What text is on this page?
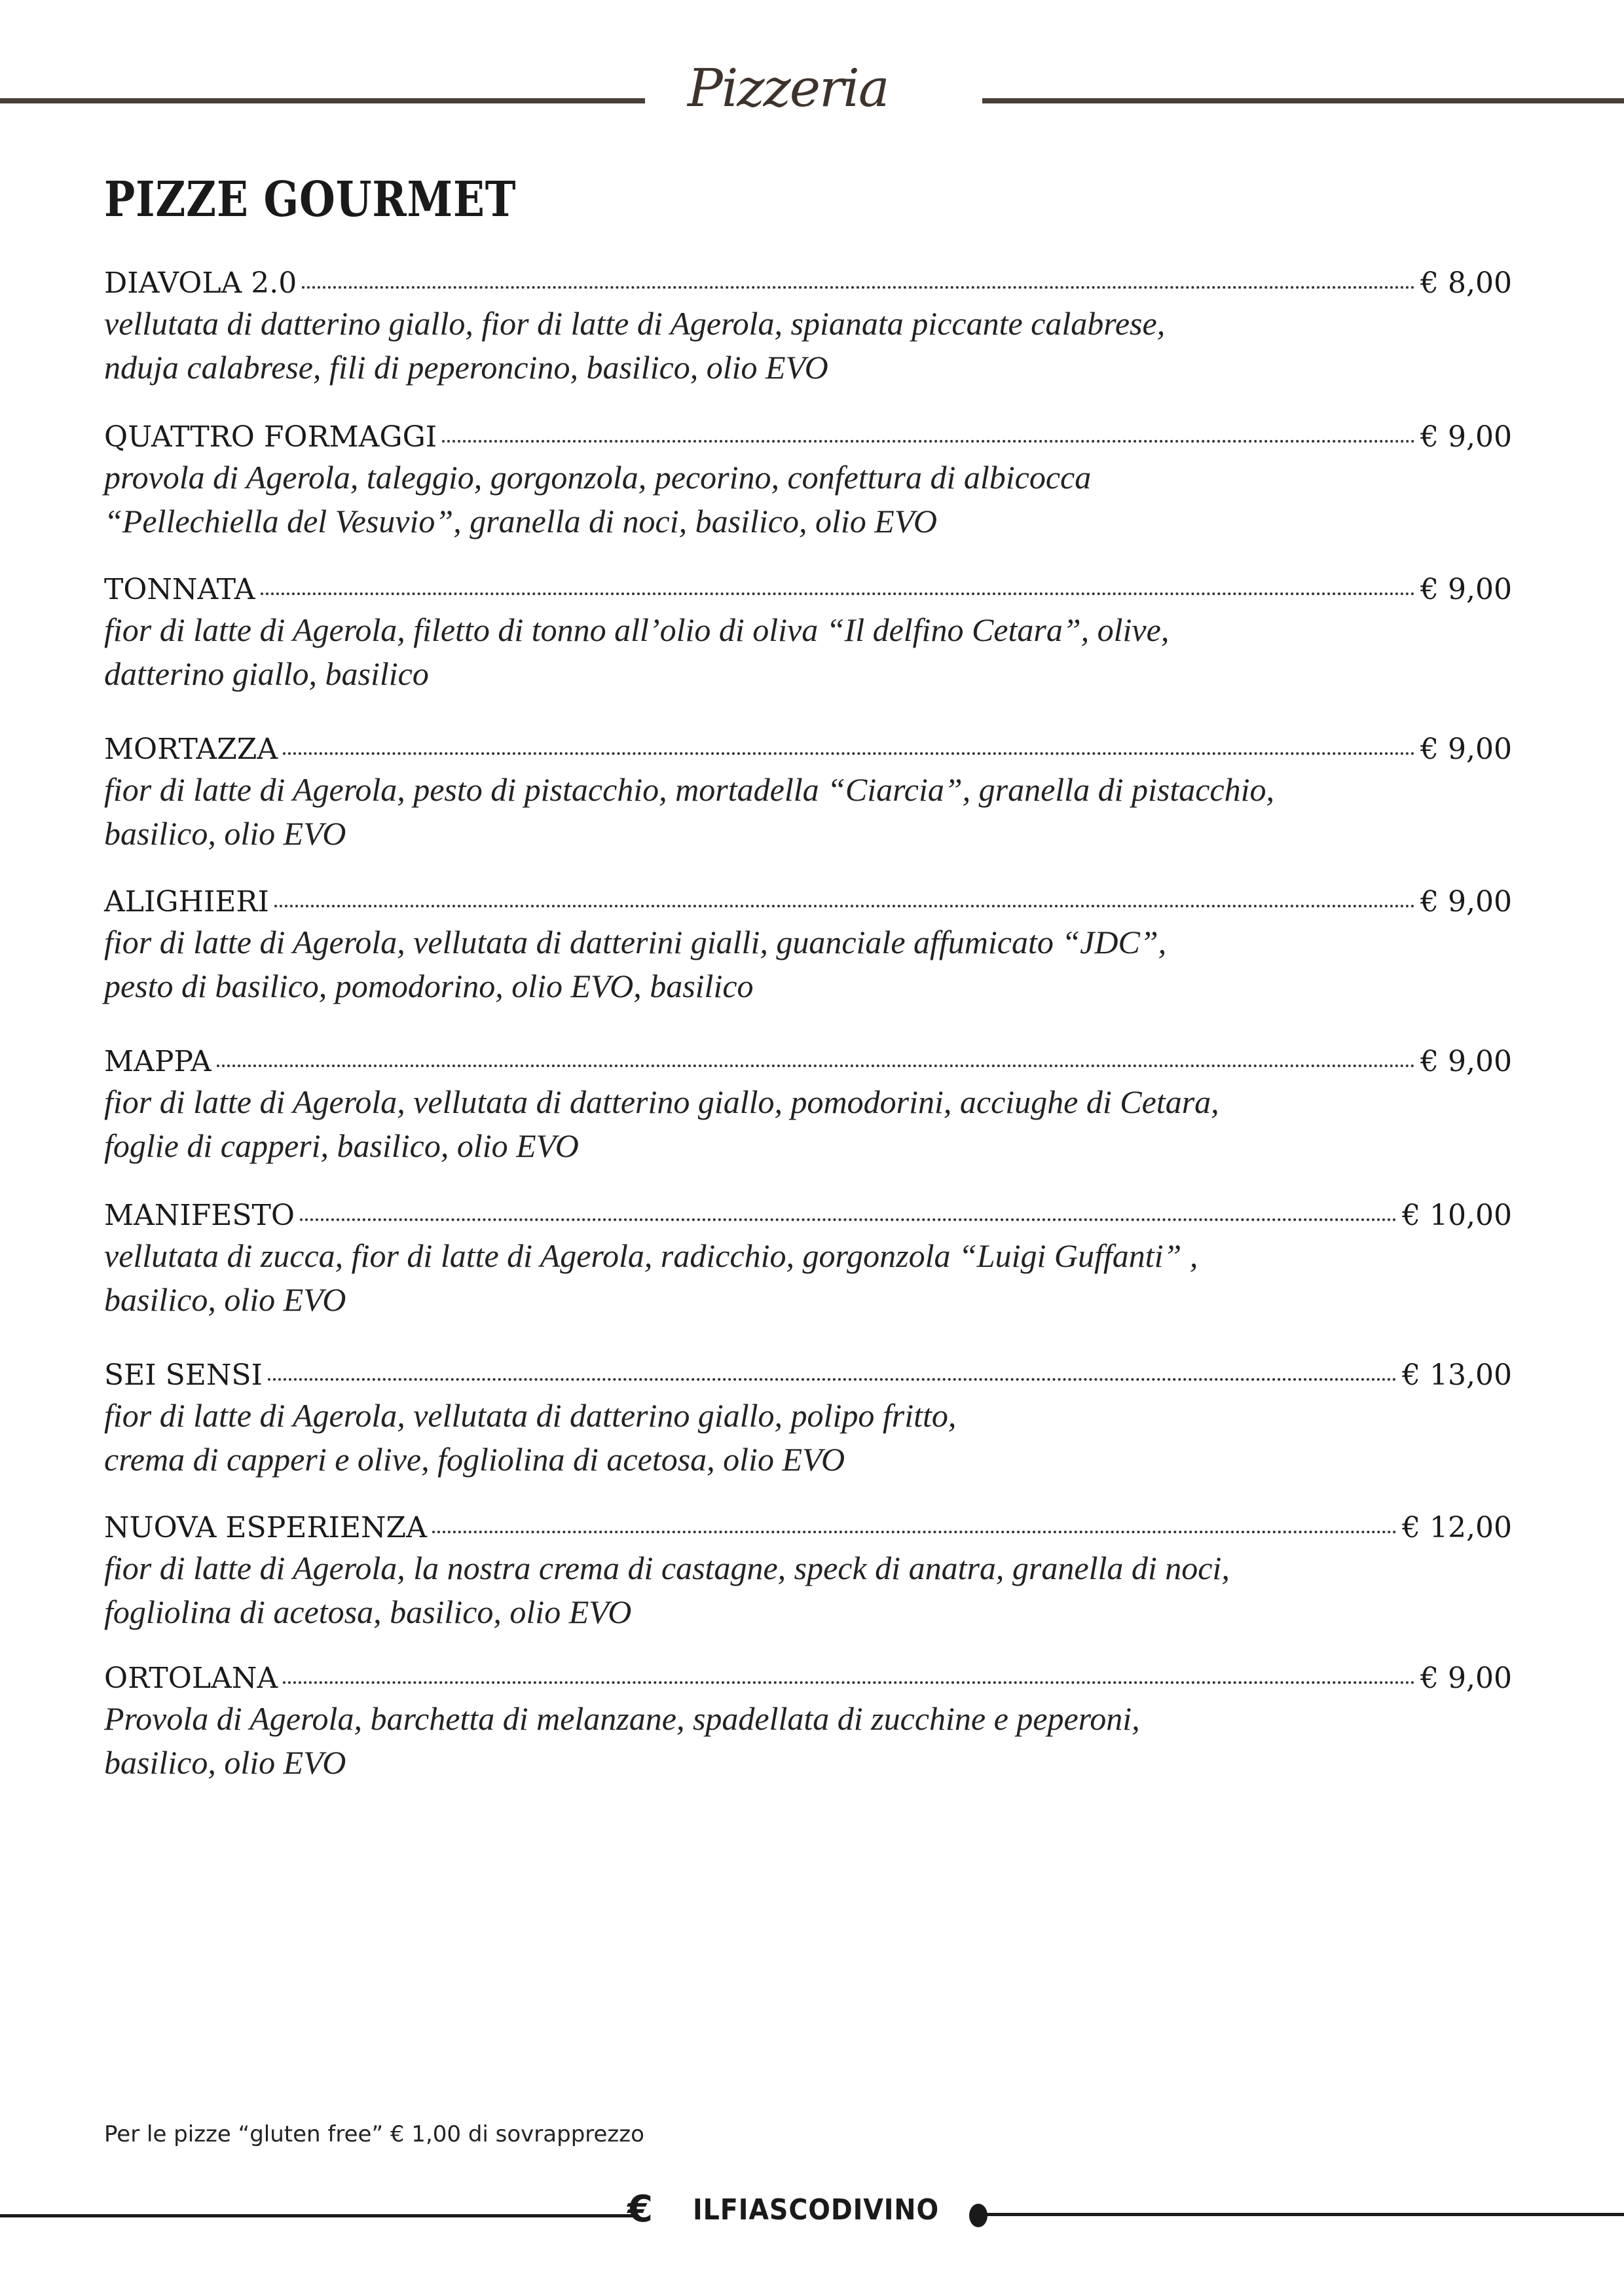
Pizzeria
PIZZE GOURMET
DIAVOLA 2.0	€ 8,00
vellutata di datterino giallo, fior di latte di Agerola, spianata piccante calabrese,
nduja calabrese, fili di peperoncino, basilico, olio EVO
QUATTRO FORMAGGI	€ 9,00
provola di Agerola, taleggio, gorgonzola, pecorino, confettura di albicocca
“Pellechiella del Vesuvio”, granella di noci, basilico, olio EVO
TONNATA	€ 9,00
fior di latte di Agerola, filetto di tonno all’olio di oliva “Il delfino Cetara”, olive,
datterino giallo, basilico
MORTAZZA	€ 9,00
fior di latte di Agerola, pesto di pistacchio, mortadella “Ciarcia”, granella di pistacchio,
basilico, olio EVO
ALIGHIERI	€ 9,00
fior di latte di Agerola, vellutata di datterini gialli, guanciale affumicato “JDC”,
pesto di basilico, pomodorino, olio EVO, basilico
MAPPA	€ 9,00
fior di latte di Agerola, vellutata di datterino giallo, pomodorini, acciughe di Cetara,
foglie di capperi, basilico, olio EVO
MANIFESTO	€ 10,00
vellutata di zucca, fior di latte di Agerola, radicchio, gorgonzola “Luigi Guffanti” ,
basilico, olio EVO
SEI SENSI	€ 13,00
fior di latte di Agerola, vellutata di datterino giallo, polipo fritto,
crema di capperi e olive, fogliolina di acetosa, olio EVO
NUOVA ESPERIENZA	€ 12,00
fior di latte di Agerola, la nostra crema di castagne, speck di anatra, granella di noci,
fogliolina di acetosa, basilico, olio EVO
ORTOLANA	€ 9,00
Provola di Agerola, barchetta di melanzane, spadellata di zucchine e peperoni,
basilico, olio EVO
Per le pizze “gluten free” € 1,00 di sovrapprezzo
€ ILFIASCODIVINO
